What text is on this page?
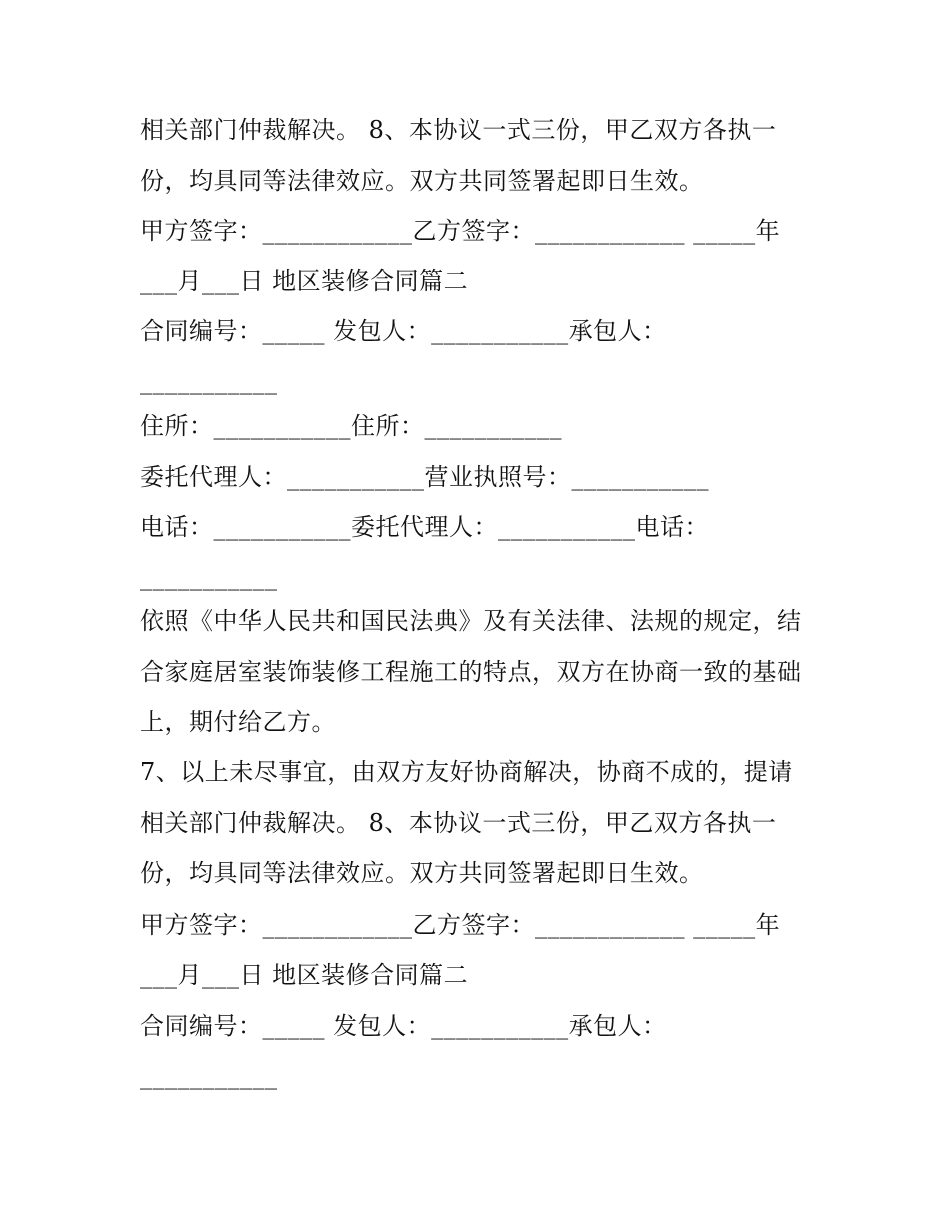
相关部门仲裁解决。 8、本协议一式三份，甲乙双方各执一
份，均具同等法律效应。双方共同签署起即日生效。
甲方签字：____________乙方签字：____________ _____年
___月___日 地区装修合同篇二
合同编号：_____ 发包人：___________承包人：
___________
住所：___________住所：___________
委托代理人：___________营业执照号：___________
电话：___________委托代理人：___________电话：
___________
依照《中华人民共和国民法典》及有关法律、法规的规定，结
合家庭居室装饰装修工程施工的特点，双方在协商一致的基础
上，期付给乙方。
7、以上未尽事宜，由双方友好协商解决，协商不成的，提请
相关部门仲裁解决。 8、本协议一式三份，甲乙双方各执一
份，均具同等法律效应。双方共同签署起即日生效。
甲方签字：____________乙方签字：____________ _____年
___月___日 地区装修合同篇二
合同编号：_____ 发包人：___________承包人：
___________
